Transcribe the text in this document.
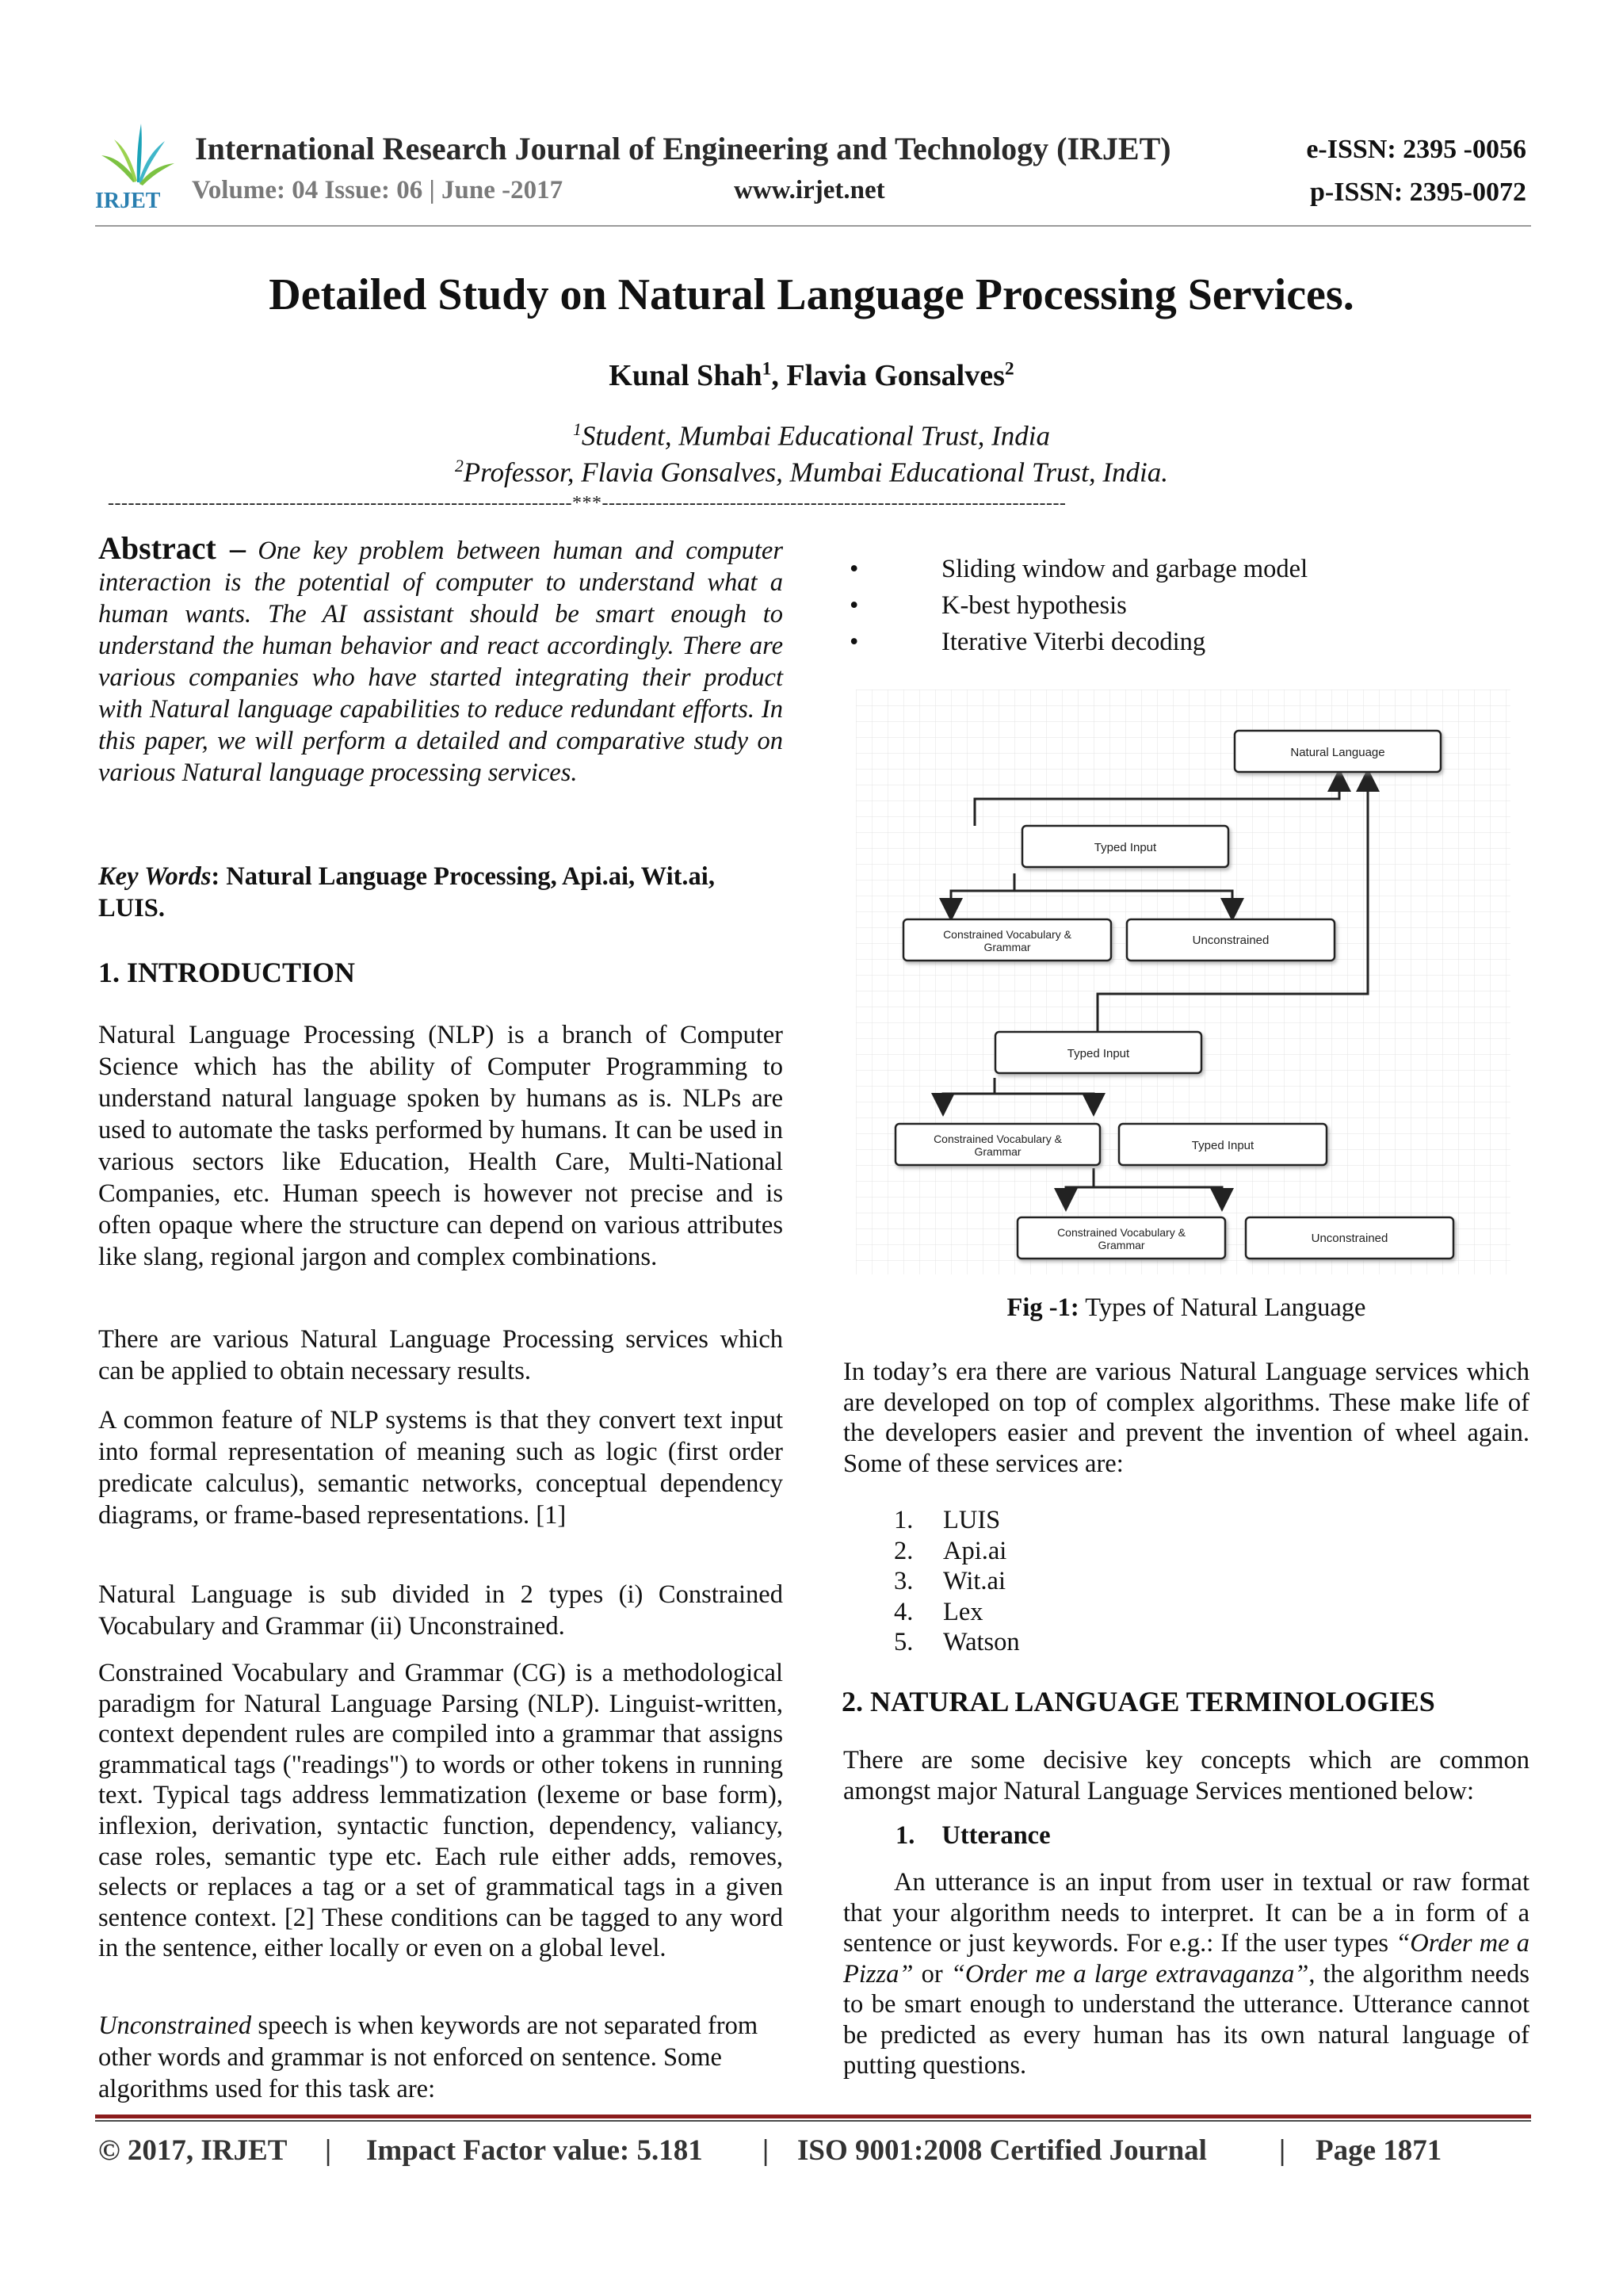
IRJET
International Research Journal of Engineering and Technology (IRJET)
Volume: 04 Issue: 06 | June -2017	www.irjet.net
e-ISSN: 2395 -0056
p-ISSN: 2395-0072
Detailed Study on Natural Language Processing Services.
Kunal Shah$^1$, Flavia Gonsalves$^2$
$^1$Student, Mumbai Educational Trust, India
$^2$Professor, Flavia Gonsalves, Mumbai Educational Trust, India.
---------------------------------------------------------------------***---------------------------------------------------------------------

Abstract – One key problem between human and computer interaction is the potential of computer to understand what a human wants. The AI assistant should be smart enough to understand the human behavior and react accordingly. There are various companies who have started integrating their product with Natural language capabilities to reduce redundant efforts. In this paper, we will perform a detailed and comparative study on various Natural language processing services.

Key Words: Natural Language Processing, Api.ai, Wit.ai, LUIS.
1. INTRODUCTION
Natural Language Processing (NLP) is a branch of Computer Science which has the ability of Computer Programming to understand natural language spoken by humans as is. NLPs are used to automate the tasks performed by humans. It can be used in various sectors like Education, Health Care, Multi-National Companies, etc. Human speech is however not precise and is often opaque where the structure can depend on various attributes like slang, regional jargon and complex combinations.
There are various Natural Language Processing services which can be applied to obtain necessary results.
A common feature of NLP systems is that they convert text input into formal representation of meaning such as logic (first order predicate calculus), semantic networks, conceptual dependency diagrams, or frame-based representations. [1]
Natural Language is sub divided in 2 types (i) Constrained Vocabulary and Grammar (ii) Unconstrained.
Constrained Vocabulary and Grammar (CG) is a methodological paradigm for Natural Language Parsing (NLP). Linguist-written, context dependent rules are compiled into a grammar that assigns grammatical tags ("readings") to words or other tokens in running text. Typical tags address lemmatization (lexeme or base form), inflexion, derivation, syntactic function, dependency, valiancy, case roles, semantic type etc. Each rule either adds, removes, selects or replaces a tag or a set of grammatical tags in a given sentence context. [2] These conditions can be tagged to any word in the sentence, either locally or even on a global level.
Unconstrained speech is when keywords are not separated from other words and grammar is not enforced on sentence. Some algorithms used for this task are:
•	Sliding window and garbage model
•	K-best hypothesis
•	Iterative Viterbi decoding
Natural Language
Typed Input
Constrained Vocabulary & Grammar	Unconstrained
Typed Input
Constrained Vocabulary & Grammar	Typed Input
Constrained Vocabulary & Grammar	Unconstrained
Fig -1: Types of Natural Language
In today’s era there are various Natural Language services which are developed on top of complex algorithms. These make life of the developers easier and prevent the invention of wheel again. Some of these services are:
1. LUIS
2. Api.ai
3. Wit.ai
4. Lex
5. Watson
2. NATURAL LANGUAGE TERMINOLOGIES
There are some decisive key concepts which are common amongst major Natural Language Services mentioned below:
1. Utterance
An utterance is an input from user in textual or raw format that your algorithm needs to interpret. It can be a in form of a sentence or just keywords. For e.g.: If the user types “Order me a Pizza” or “Order me a large extravaganza”, the algorithm needs to be smart enough to understand the utterance. Utterance cannot be predicted as every human has its own natural language of putting questions.
© 2017, IRJET | Impact Factor value: 5.181 | ISO 9001:2008 Certified Journal | Page 1871
